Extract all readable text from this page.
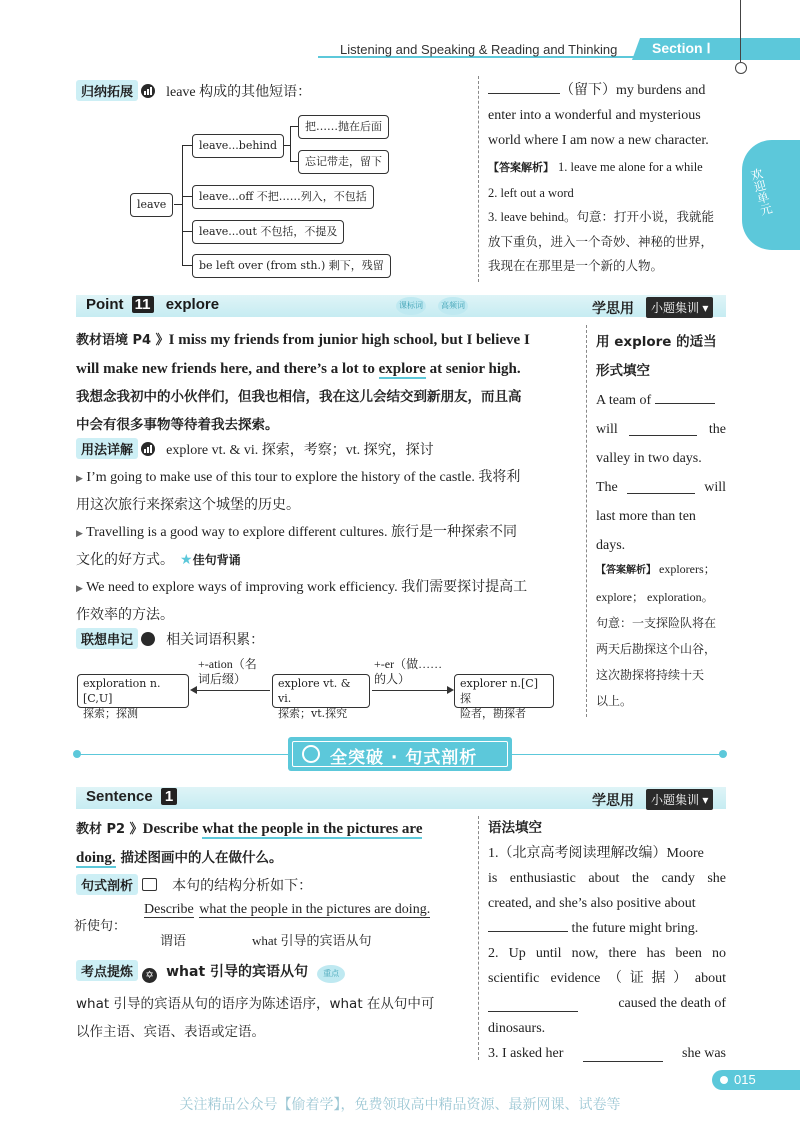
Listening and Speaking & Reading and Thinking Section Ⅰ
欢迎单元
归纳拓展 leave 构成的其他短语：
leave
leave...behind
把……抛在后面
忘记带走，留下
leave...off 不把……列入，不包括
leave...out 不包括，不提及
be left over (from sth.) 剩下，残留
（留下）my burdens and
enter into a wonderful and mysterious
world where I am now a new character.
【答案解析】 1. leave me alone for a while
2. left out a word
3. leave behind。句意：打开小说，我就能
放下重负，进入一个奇妙、神秘的世界，
我现在在那里是一个新的人物。
Point 11 explore	课标词	高频词	学思用	小题集训 ▾
教材语境 P4 》I miss my friends from junior high school, but I believe I
will make new friends here, and there’s a lot to explore at senior high.
我想念我初中的小伙伴们，但我也相信，我在这儿会结交到新朋友，而且高
中会有很多事物等待着我去探索。
用法详解 explore vt. & vi. 探索，考察；vt. 探究，探讨
▶ I’m going to make use of this tour to explore the history of the castle. 我将利
用这次旅行来探索这个城堡的历史。
▶ Travelling is a good way to explore different cultures. 旅行是一种探索不同
文化的好方式。 ★佳句背诵
▶ We need to explore ways of improving work efficiency. 我们需要探讨提高工
作效率的方法。
联想串记 相关词语积累：
exploration n.[C,U]
探索；探测
explore vt. & vi.
探索；vt.探究
explorer n.[C]探
险者，勘探者
+-ation（名
词后缀）
+-er（做……
的人）
用 explore 的适当
形式填空
A team of
will	the
valley in two days.
The	will
last more than ten
days.
【答案解析】 explorers；
explore； exploration。
句意：一支探险队将在
两天后勘探这个山谷，
这次勘探将持续十天
以上。
全突破 · 句式剖析
Sentence 1	学思用	小题集训 ▾
教材 P2 》Describe what the people in the pictures are
doing. 描述图画中的人在做什么。
句式剖析	本句的结构分析如下：
祈使句：
Describe what the people in the pictures are doing.
谓语	what 引导的宾语从句
考点提炼 ✡ what 引导的宾语从句 重点
what 引导的宾语从句的语序为陈述语序，what 在从句中可
以作主语、宾语、表语或定语。
语法填空
1.（北京高考阅读理解改编）Moore
is enthusiastic about the candy she
created, and she’s also positive about
the future might bring.
2. Up until now, there has been no
scientific evidence（证据）about
caused the death of
dinosaurs.
3. I asked her	she was
015
关注精品公众号【偷着学】，免费领取高中精品资源、最新网课、试卷等
